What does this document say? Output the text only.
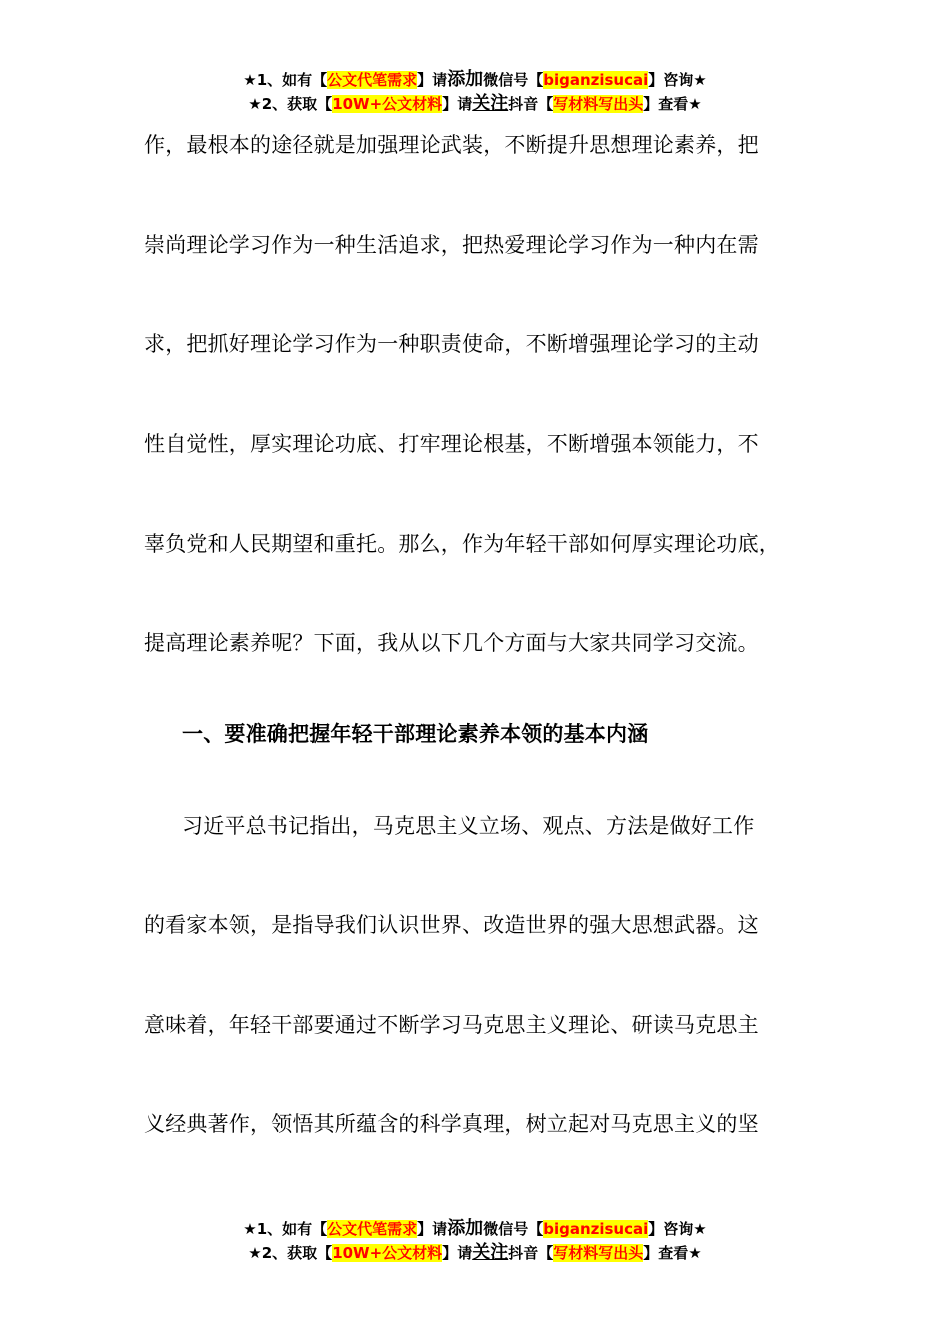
★1、如有【公文代笔需求】请添加微信号【biganzisucai】咨询★
★2、获取【10W+公文材料】请关注抖音【写材料写出头】查看★
作，最根本的途径就是加强理论武装，不断提升思想理论素养，把
崇尚理论学习作为一种生活追求，把热爱理论学习作为一种内在需
求，把抓好理论学习作为一种职责使命，不断增强理论学习的主动
性自觉性，厚实理论功底、打牢理论根基，不断增强本领能力，不
辜负党和人民期望和重托。那么，作为年轻干部如何厚实理论功底，
提高理论素养呢？下面，我从以下几个方面与大家共同学习交流。
一、要准确把握年轻干部理论素养本领的基本内涵
习近平总书记指出，马克思主义立场、观点、方法是做好工作
的看家本领，是指导我们认识世界、改造世界的强大思想武器。这
意味着，年轻干部要通过不断学习马克思主义理论、研读马克思主
义经典著作，领悟其所蕴含的科学真理，树立起对马克思主义的坚
★1、如有【公文代笔需求】请添加微信号【biganzisucai】咨询★
★2、获取【10W+公文材料】请关注抖音【写材料写出头】查看★
